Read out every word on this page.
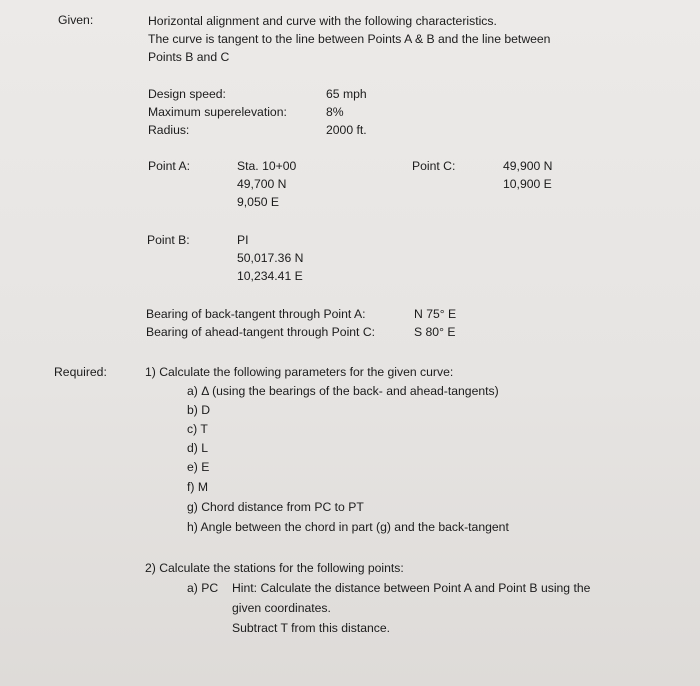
Given:	Horizontal alignment and curve with the following characteristics.
The curve is tangent to the line between Points A & B and the line between
Points B and C
Design speed:	65 mph
Maximum superelevation:	8%
Radius:	2000 ft.
Point A:	Sta. 10+00
49,700 N
9,050 E
Point C:	49,900 N
10,900 E
Point B:	PI
50,017.36 N
10,234.41 E
Bearing of back-tangent through Point A:	N 75° E
Bearing of ahead-tangent through Point C:	S 80° E
Required:	1) Calculate the following parameters for the given curve:
a) Δ (using the bearings of the back- and ahead-tangents)
b) D
c) T
d) L
e) E
f) M
g) Chord distance from PC to PT
h) Angle between the chord in part (g) and the back-tangent
2) Calculate the stations for the following points:
a) PC Hint: Calculate the distance between Point A and Point B using the
given coordinates.
Subtract T from this distance.
